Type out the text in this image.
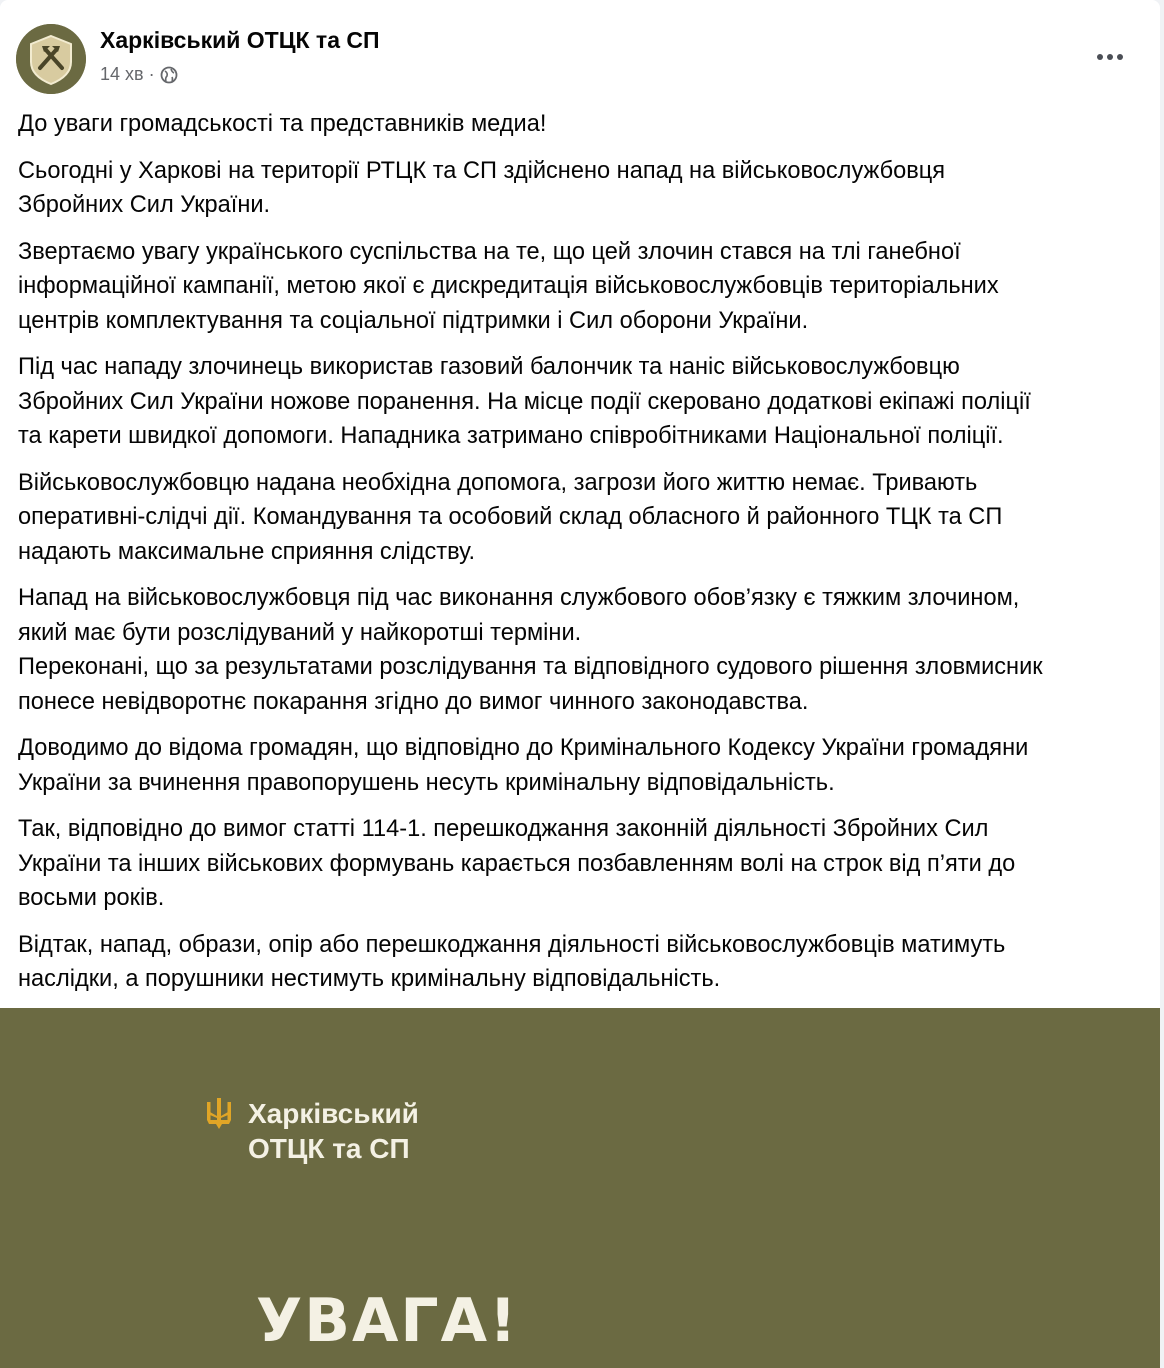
Харківський ОТЦК та СП
14 хв ·

До уваги громадськості та представників медиа!

Сьогодні у Харкові на території РТЦК та СП здійснено напад на військовослужбовця
Збройних Сил України.

Звертаємо увагу українського суспільства на те, що цей злочин стався на тлі ганебної
інформаційної кампанії, метою якої є дискредитація військовослужбовців територіальних
центрів комплектування та соціальної підтримки і Сил оборони України.

Під час нападу злочинець використав газовий балончик та наніс військовослужбовцю
Збройних Сил України ножове поранення. На місце події скеровано додаткові екіпажі поліції
та карети швидкої допомоги. Нападника затримано співробітниками Національної поліції.

Військовослужбовцю надана необхідна допомога, загрози його життю немає. Тривають
оперативні-слідчі дії. Командування та особовий склад обласного й районного ТЦК та СП
надають максимальне сприяння слідству.

Напад на військовослужбовця під час виконання службового обов’язку є тяжким злочином,
який має бути розслідуваний у найкоротші терміни.
Переконані, що за результатами розслідування та відповідного судового рішення зловмисник
понесе невідворотнє покарання згідно до вимог чинного законодавства.

Доводимо до відома громадян, що відповідно до Кримінального Кодексу України громадяни
України за вчинення правопорушень несуть кримінальну відповідальність.

Так, відповідно до вимог статті 114-1. перешкоджання законній діяльності Збройних Сил
України та інших військових формувань карається позбавленням волі на строк від п’яти до
восьми років.

Відтак, напад, образи, опір або перешкоджання діяльності військовослужбовців матимуть
наслідки, а порушники нестимуть кримінальну відповідальність.

Харківський
ОТЦК та СП
УВАГА!
